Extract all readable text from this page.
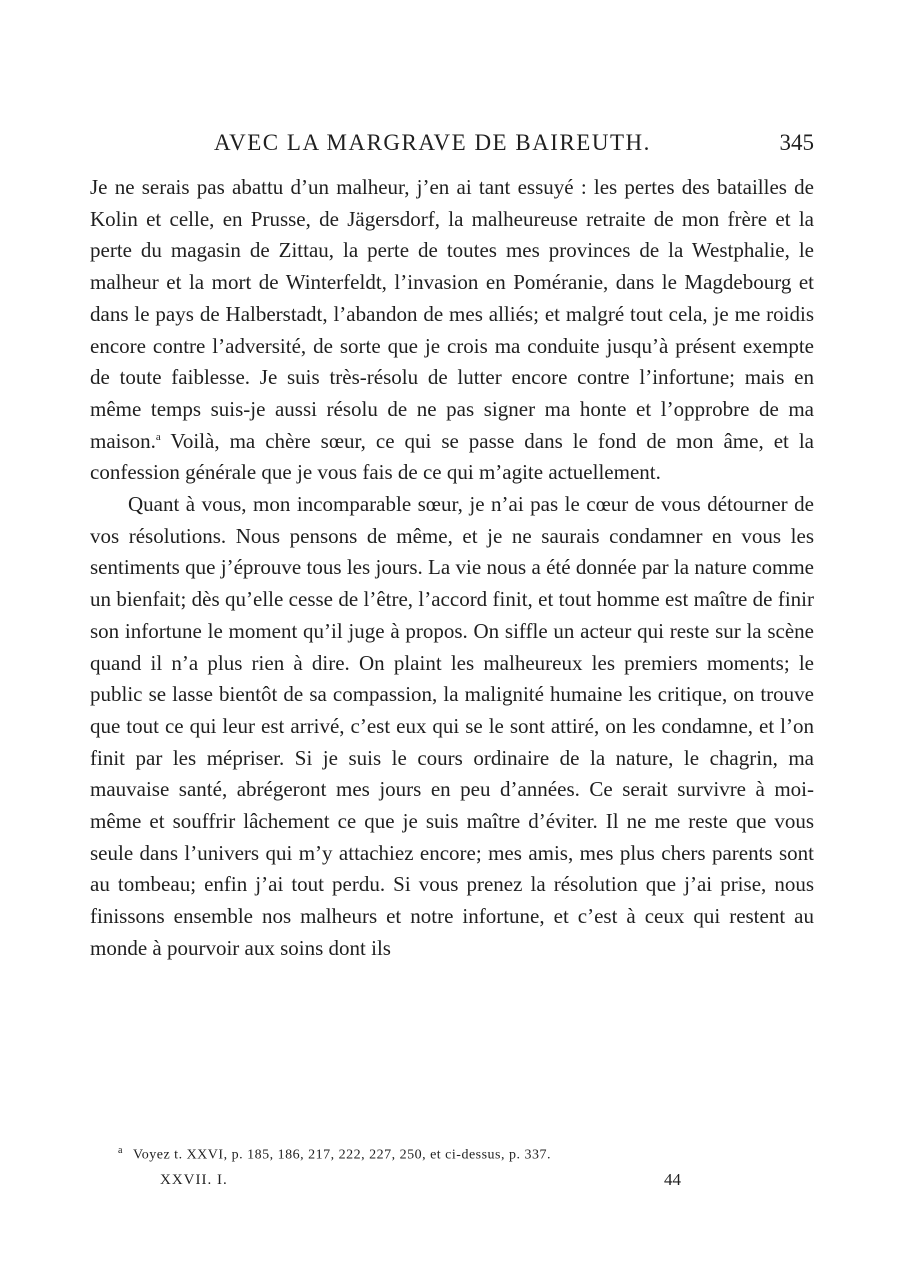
AVEC LA MARGRAVE DE BAIREUTH.	345

Je ne serais pas abattu d’un malheur, j’en ai tant essuyé : les pertes des batailles de Kolin et celle, en Prusse, de Jägersdorf, la malheureuse retraite de mon frère et la perte du magasin de Zittau, la perte de toutes mes provinces de la Westphalie, le malheur et la mort de Winterfeldt, l’invasion en Poméranie, dans le Magdebourg et dans le pays de Halberstadt, l’abandon de mes alliés; et malgré tout cela, je me roidis encore contre l’adversité, de sorte que je crois ma conduite jusqu’à présent exempte de toute faiblesse. Je suis très-résolu de lutter encore contre l’infortune; mais en même temps suis-je aussi résolu de ne pas signer ma honte et l’opprobre de ma maison.$^a$ Voilà, ma chère sœur, ce qui se passe dans le fond de mon âme, et la confession générale que je vous fais de ce qui m’agite actuellement.

Quant à vous, mon incomparable sœur, je n’ai pas le cœur de vous détourner de vos résolutions. Nous pensons de même, et je ne saurais condamner en vous les sentiments que j’éprouve tous les jours. La vie nous a été donnée par la nature comme un bienfait; dès qu’elle cesse de l’être, l’accord finit, et tout homme est maître de finir son infortune le moment qu’il juge à propos. On siffle un acteur qui reste sur la scène quand il n’a plus rien à dire. On plaint les malheureux les premiers moments; le public se lasse bientôt de sa compassion, la malignité humaine les critique, on trouve que tout ce qui leur est arrivé, c’est eux qui se le sont attiré, on les condamne, et l’on finit par les mépriser. Si je suis le cours ordinaire de la nature, le chagrin, ma mauvaise santé, abrégeront mes jours en peu d’années. Ce serait survivre à moi-même et souffrir lâchement ce que je suis maître d’éviter. Il ne me reste que vous seule dans l’univers qui m’y attachiez encore; mes amis, mes plus chers parents sont au tombeau; enfin j’ai tout perdu. Si vous prenez la résolution que j’ai prise, nous finissons ensemble nos malheurs et notre infortune, et c’est à ceux qui restent au monde à pourvoir aux soins dont ils

$^a$ Voyez t. XXVI, p. 185, 186, 217, 222, 227, 250, et ci-dessus, p. 337.
XXVII. I.	44
